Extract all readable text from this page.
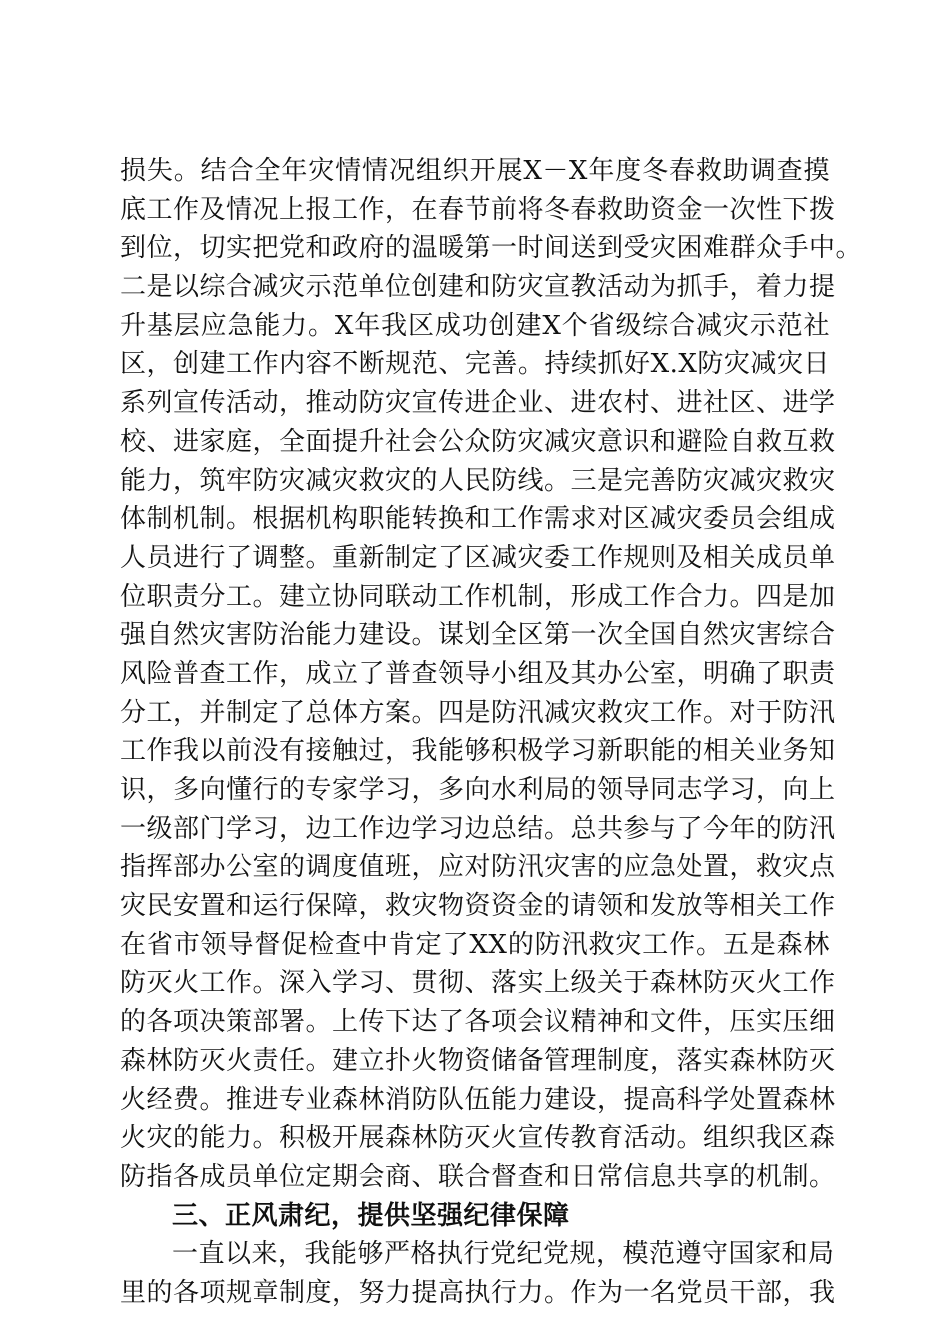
损失。结合全年灾情情况组织开展X－X年度冬春救助调查摸
底工作及情况上报工作，在春节前将冬春救助资金一次性下拨
到位，切实把党和政府的温暖第一时间送到受灾困难群众手中。
二是以综合减灾示范单位创建和防灾宣教活动为抓手，着力提
升基层应急能力。X年我区成功创建X个省级综合减灾示范社
区，创建工作内容不断规范、完善。持续抓好X.X防灾减灾日
系列宣传活动，推动防灾宣传进企业、进农村、进社区、进学
校、进家庭，全面提升社会公众防灾减灾意识和避险自救互救
能力，筑牢防灾减灾救灾的人民防线。三是完善防灾减灾救灾
体制机制。根据机构职能转换和工作需求对区减灾委员会组成
人员进行了调整。重新制定了区减灾委工作规则及相关成员单
位职责分工。建立协同联动工作机制，形成工作合力。四是加
强自然灾害防治能力建设。谋划全区第一次全国自然灾害综合
风险普查工作，成立了普查领导小组及其办公室，明确了职责
分工，并制定了总体方案。四是防汛减灾救灾工作。对于防汛
工作我以前没有接触过，我能够积极学习新职能的相关业务知
识，多向懂行的专家学习，多向水利局的领导同志学习，向上
一级部门学习，边工作边学习边总结。总共参与了今年的防汛
指挥部办公室的调度值班，应对防汛灾害的应急处置，救灾点
灾民安置和运行保障，救灾物资资金的请领和发放等相关工作
在省市领导督促检查中肯定了XX的防汛救灾工作。五是森林
防灭火工作。深入学习、贯彻、落实上级关于森林防灭火工作
的各项决策部署。上传下达了各项会议精神和文件，压实压细
森林防灭火责任。建立扑火物资储备管理制度，落实森林防灭
火经费。推进专业森林消防队伍能力建设，提高科学处置森林
火灾的能力。积极开展森林防灭火宣传教育活动。组织我区森
防指各成员单位定期会商、联合督查和日常信息共享的机制。
三、正风肃纪，提供坚强纪律保障
一直以来，我能够严格执行党纪党规，模范遵守国家和局
里的各项规章制度，努力提高执行力。作为一名党员干部，我
